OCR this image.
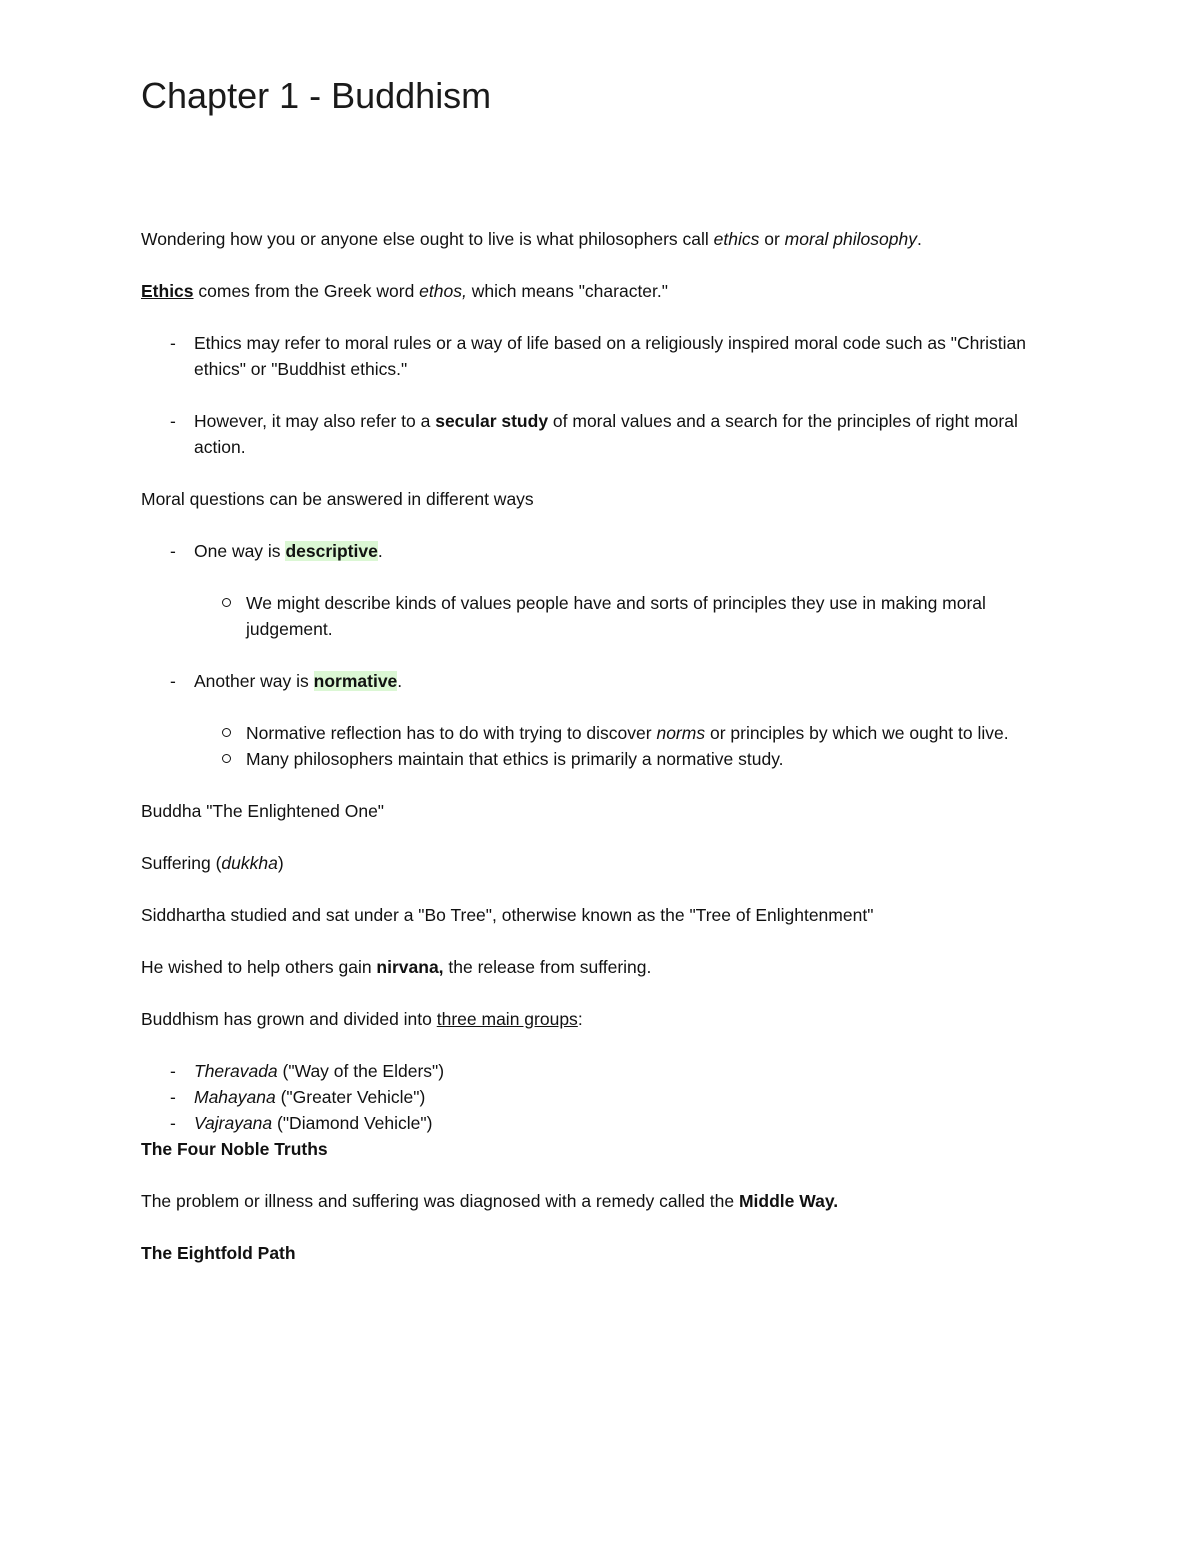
Chapter 1 - Buddhism

Wondering how you or anyone else ought to live is what philosophers call ethics or moral philosophy.

Ethics comes from the Greek word ethos, which means "character."

- Ethics may refer to moral rules or a way of life based on a religiously inspired moral code such as "Christian ethics" or "Buddhist ethics."
- However, it may also refer to a secular study of moral values and a search for the principles of right moral action.

Moral questions can be answered in different ways

- One way is descriptive.
We might describe kinds of values people have and sorts of principles they use in making moral judgement.
- Another way is normative.
Normative reflection has to do with trying to discover norms or principles by which we ought to live.
Many philosophers maintain that ethics is primarily a normative study.

Buddha "The Enlightened One"

Suffering (dukkha)

Siddhartha studied and sat under a "Bo Tree", otherwise known as the "Tree of Enlightenment"

He wished to help others gain nirvana, the release from suffering.

Buddhism has grown and divided into three main groups:

- Theravada ("Way of the Elders")
- Mahayana ("Greater Vehicle")
- Vajrayana ("Diamond Vehicle")

The Four Noble Truths

The problem or illness and suffering was diagnosed with a remedy called the Middle Way.

The Eightfold Path
